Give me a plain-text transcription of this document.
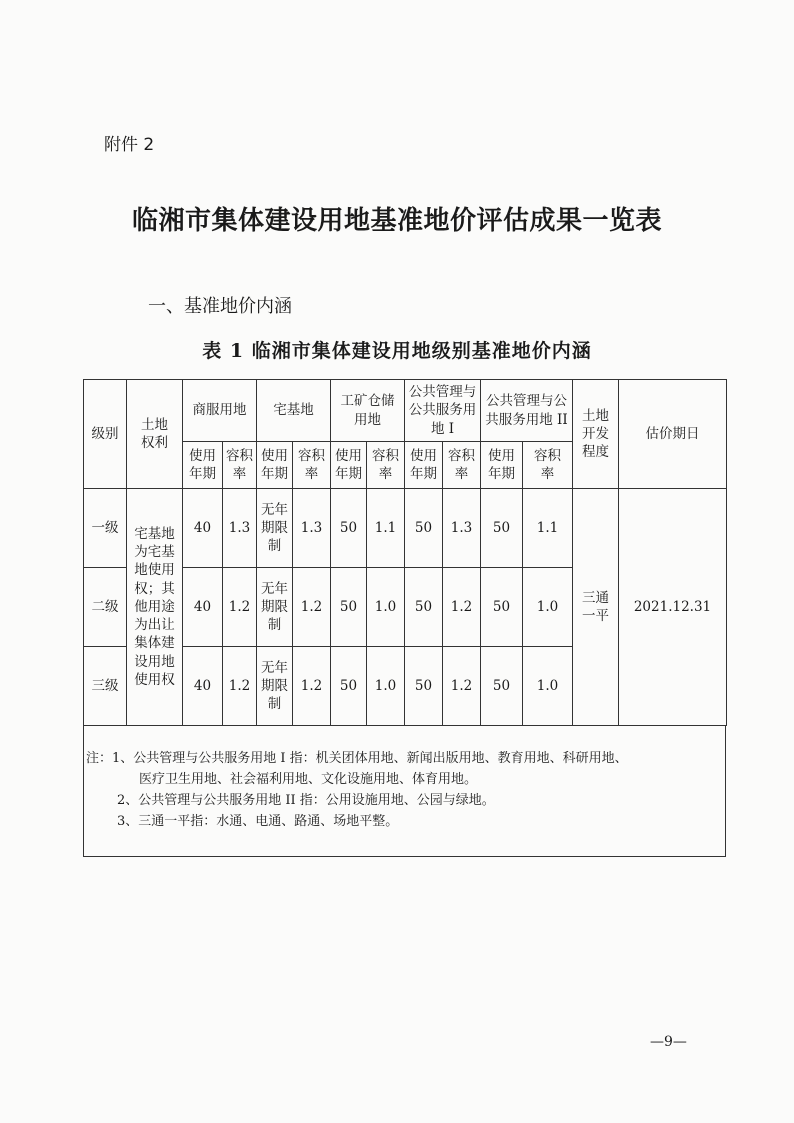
附件 2
临湘市集体建设用地基准地价评估成果一览表
一、基准地价内涵
表 1 临湘市集体建设用地级别基准地价内涵
级别	土地权利	商服用地		宅基地		工矿仓储用地		公共管理与公共服务用地 I		公共管理与公共服务用地 II		土地开发程度	估价期日

		使用年期	容积率	使用年期	容积率	使用年期	容积率	使用年期	容积率	使用年期	容积率		

一级	宅基地为宅基地使用权；其他用途为出让集体建设用地使用权	40	1.3	无年期限制	1.3	50	1.1	50	1.3	50	1.1	三通一平	2021.12.31
二级		40	1.2	无年期限制	1.2	50	1.0	50	1.2	50	1.0		
三级		40	1.2	无年期限制	1.2	50	1.0	50	1.2	50	1.0		

注：1、公共管理与公共服务用地 I 指：机关团体用地、新闻出版用地、教育用地、科研用地、

医疗卫生用地、社会福利用地、文化设施用地、体育用地。

2、公共管理与公共服务用地 II 指：公用设施用地、公园与绿地。

3、三通一平指：水通、电通、路通、场地平整。

—9—
